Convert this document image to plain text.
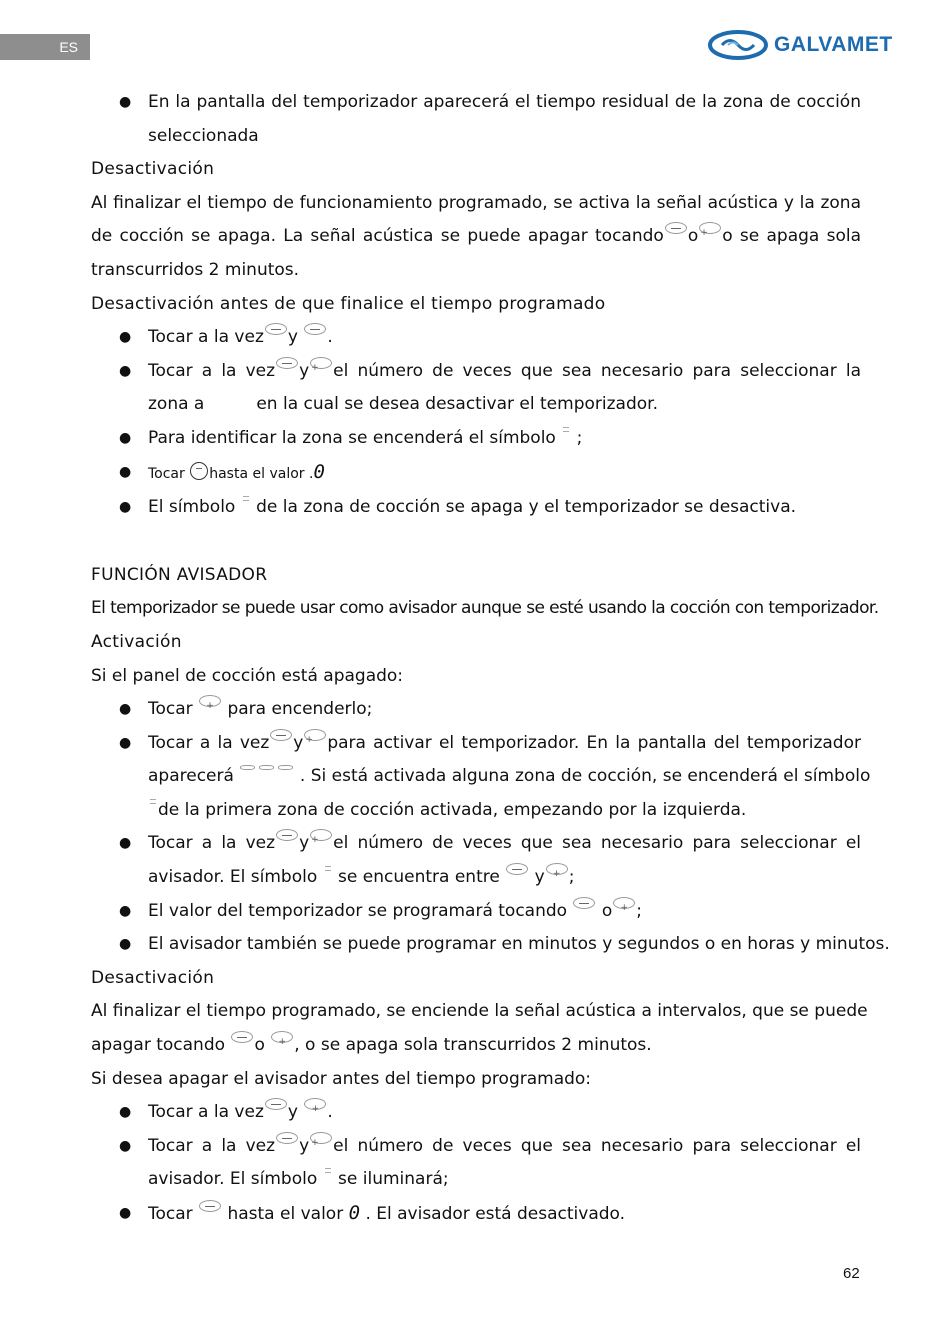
ES	GALVAMET
● En la pantalla del temporizador aparecerá el tiempo residual de la zona de cocción
seleccionada
Desactivación
Al finalizar el tiempo de funcionamiento programado, se activa la señal acústica y la zona
de cocción se apaga. La señal acústica se puede apagar tocando o + o se apaga sola
transcurridos 2 minutos.
Desactivación antes de que finalice el tiempo programado
● Tocar a la vez y .
● Tocar a la vez y + el número de veces que sea necesario para seleccionar la
zona a	en la cual se desea desactivar el temporizador.
● Para identificar la zona se encenderá el símbolo ;
●	Tocar hasta el valor .0
● El símbolo de la zona de cocción se apaga y el temporizador se desactiva.
FUNCIÓN AVISADOR
El temporizador se puede usar como avisador aunque se esté usando la cocción con temporizador.
Activación
Si el panel de cocción está apagado:
● Tocar + para encenderlo;
● Tocar a la vez y + para activar el temporizador. En la pantalla del temporizador
aparecerá	. Si está activada alguna zona de cocción, se encenderá el símbolo
de la primera zona de cocción activada, empezando por la izquierda.
● Tocar a la vez y + el número de veces que sea necesario para seleccionar el
avisador. El símbolo se encuentra entre y + ;
● El valor del temporizador se programará tocando o + ;
● El avisador también se puede programar en minutos y segundos o en horas y minutos.
Desactivación
Al finalizar el tiempo programado, se enciende la señal acústica a intervalos, que se puede
apagar tocando o + , o se apaga sola transcurridos 2 minutos.
Si desea apagar el avisador antes del tiempo programado:
● Tocar a la vez y + .
● Tocar a la vez y + el número de veces que sea necesario para seleccionar el
avisador. El símbolo se iluminará;
● Tocar hasta el valor 0 . El avisador está desactivado.
62
